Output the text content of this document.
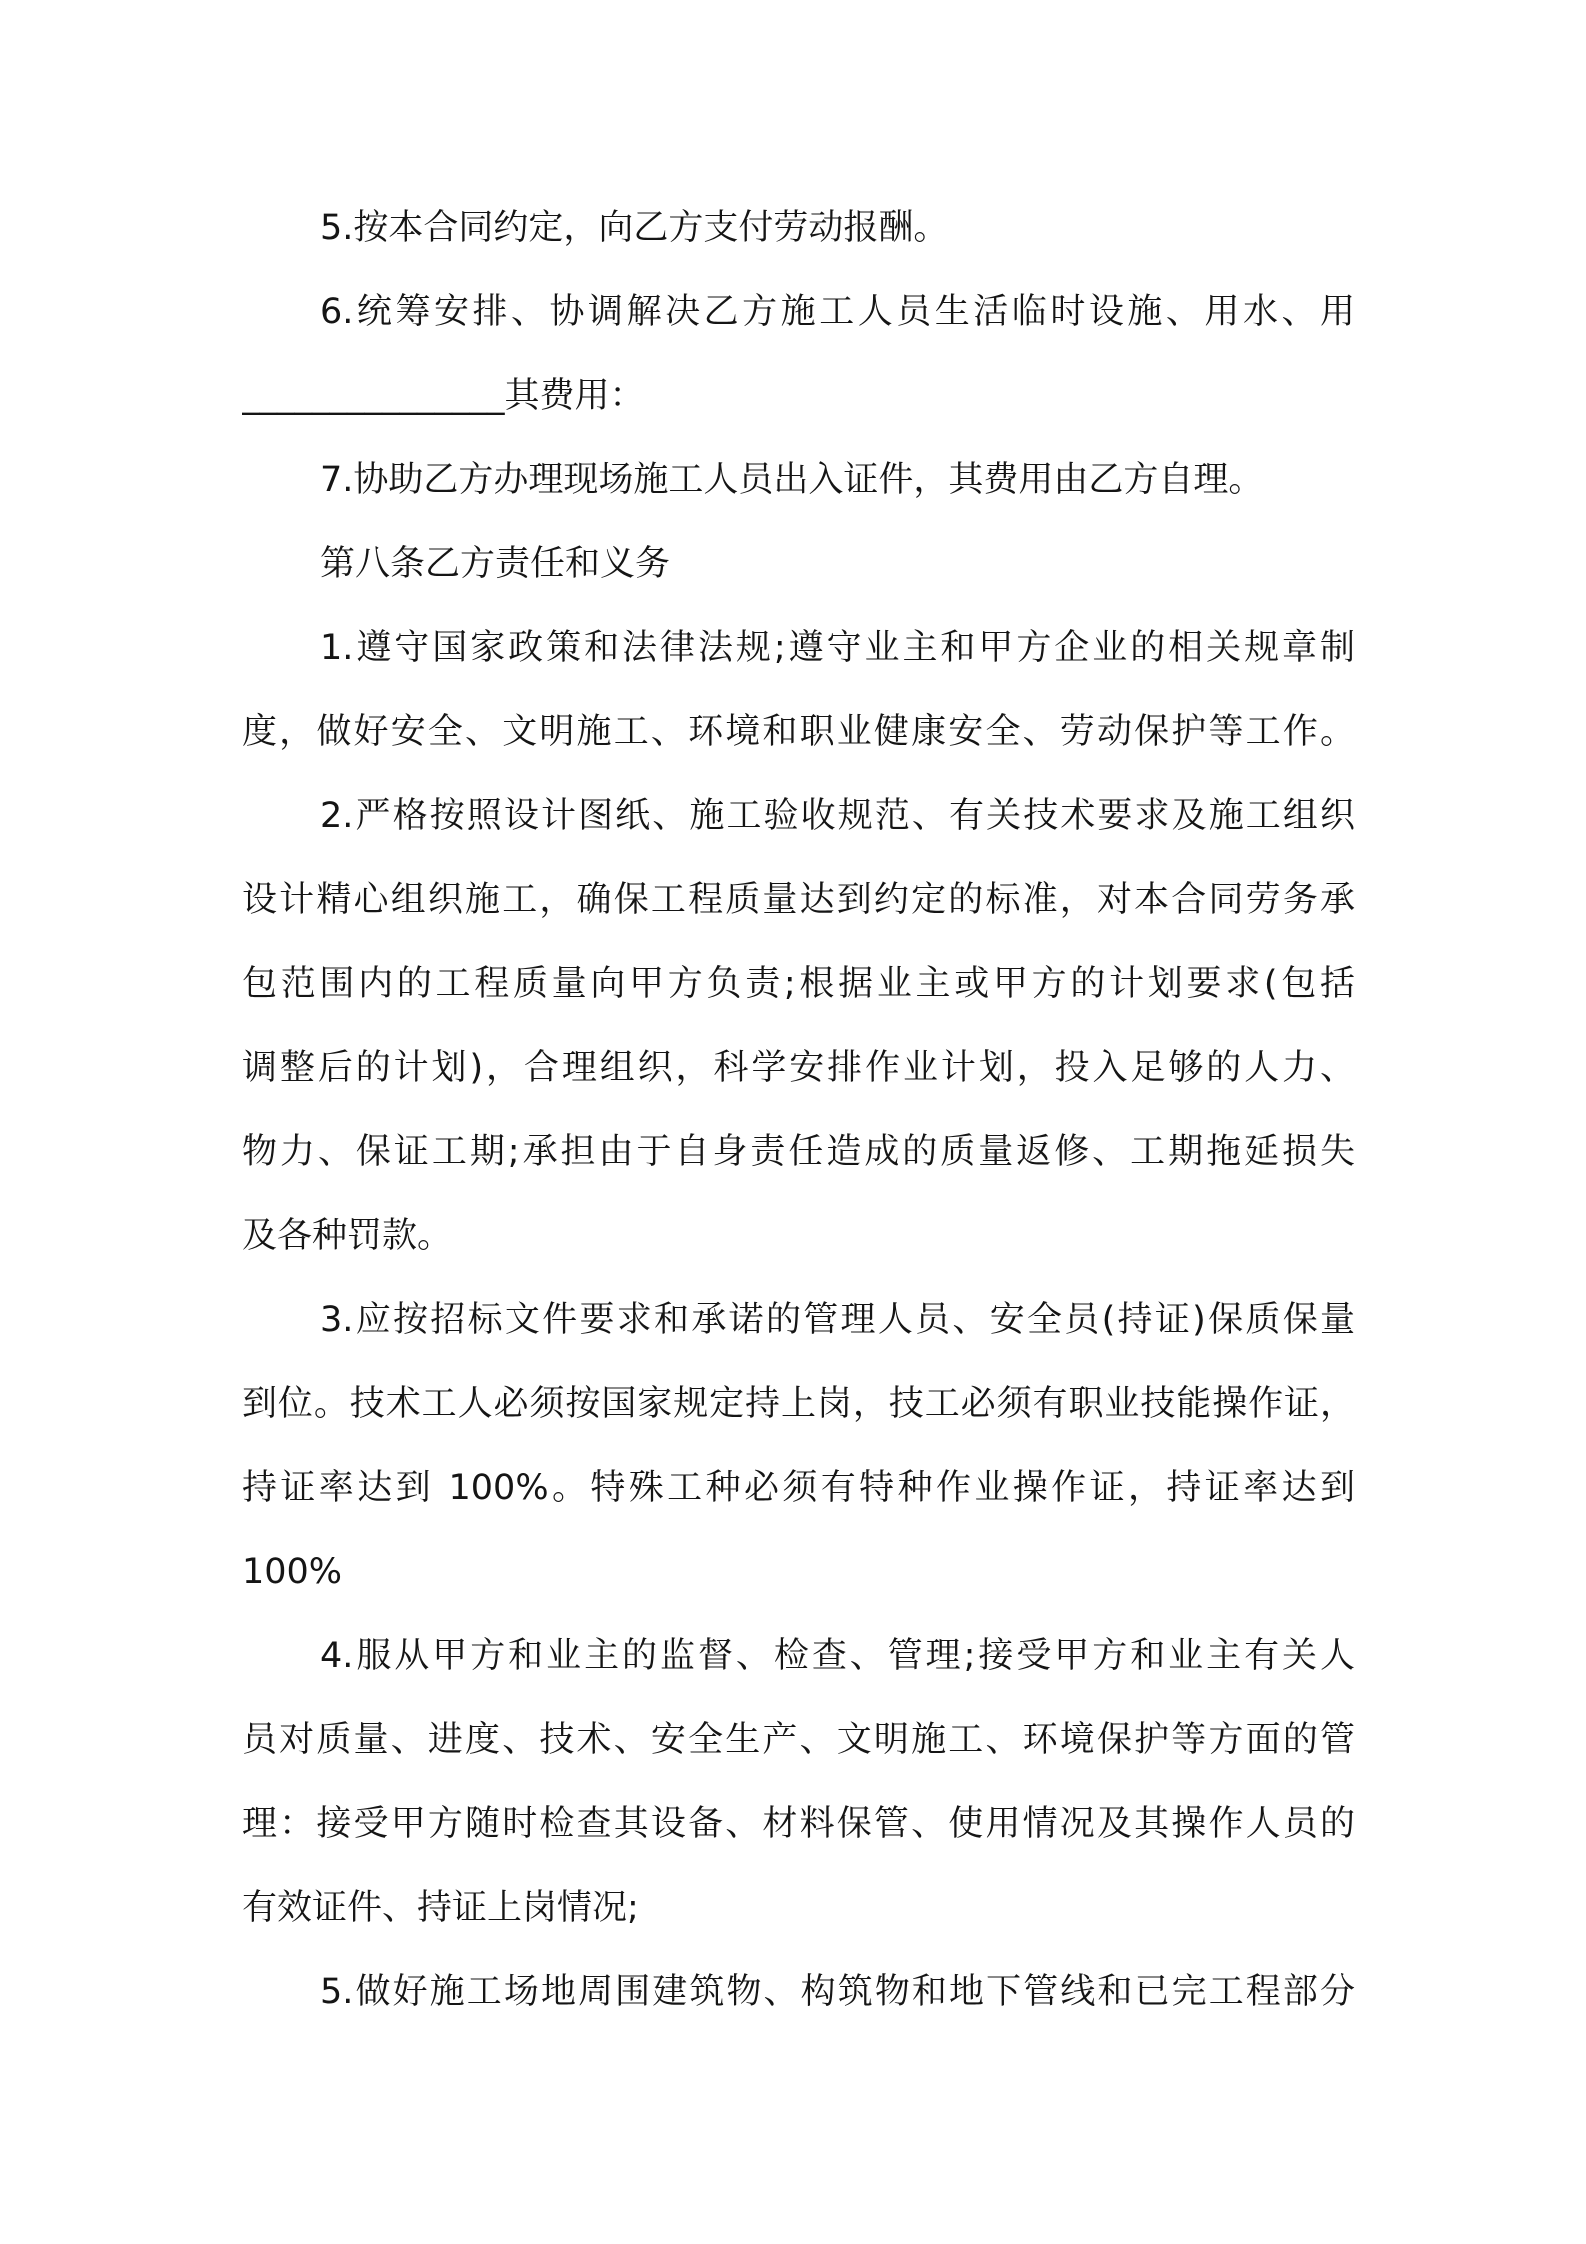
5.按本合同约定，向乙方支付劳动报酬。
6.统筹安排、协调解决乙方施工人员生活临时设施、用水、用
_______________其费用：
7.协助乙方办理现场施工人员出入证件，其费用由乙方自理。
第八条乙方责任和义务
1.遵守国家政策和法律法规;遵守业主和甲方企业的相关规章制
度，做好安全、文明施工、环境和职业健康安全、劳动保护等工作。
2.严格按照设计图纸、施工验收规范、有关技术要求及施工组织
设计精心组织施工，确保工程质量达到约定的标准，对本合同劳务承
包范围内的工程质量向甲方负责;根据业主或甲方的计划要求(包括
调整后的计划)，合理组织，科学安排作业计划，投入足够的人力、
物力、保证工期;承担由于自身责任造成的质量返修、工期拖延损失
及各种罚款。
3.应按招标文件要求和承诺的管理人员、安全员(持证)保质保量
到位。技术工人必须按国家规定持上岗，技工必须有职业技能操作证，
持证率达到 100%。特殊工种必须有特种作业操作证，持证率达到
100%
4.服从甲方和业主的监督、检查、管理;接受甲方和业主有关人
员对质量、进度、技术、安全生产、文明施工、环境保护等方面的管
理：接受甲方随时检查其设备、材料保管、使用情况及其操作人员的
有效证件、持证上岗情况;
5.做好施工场地周围建筑物、构筑物和地下管线和已完工程部分
